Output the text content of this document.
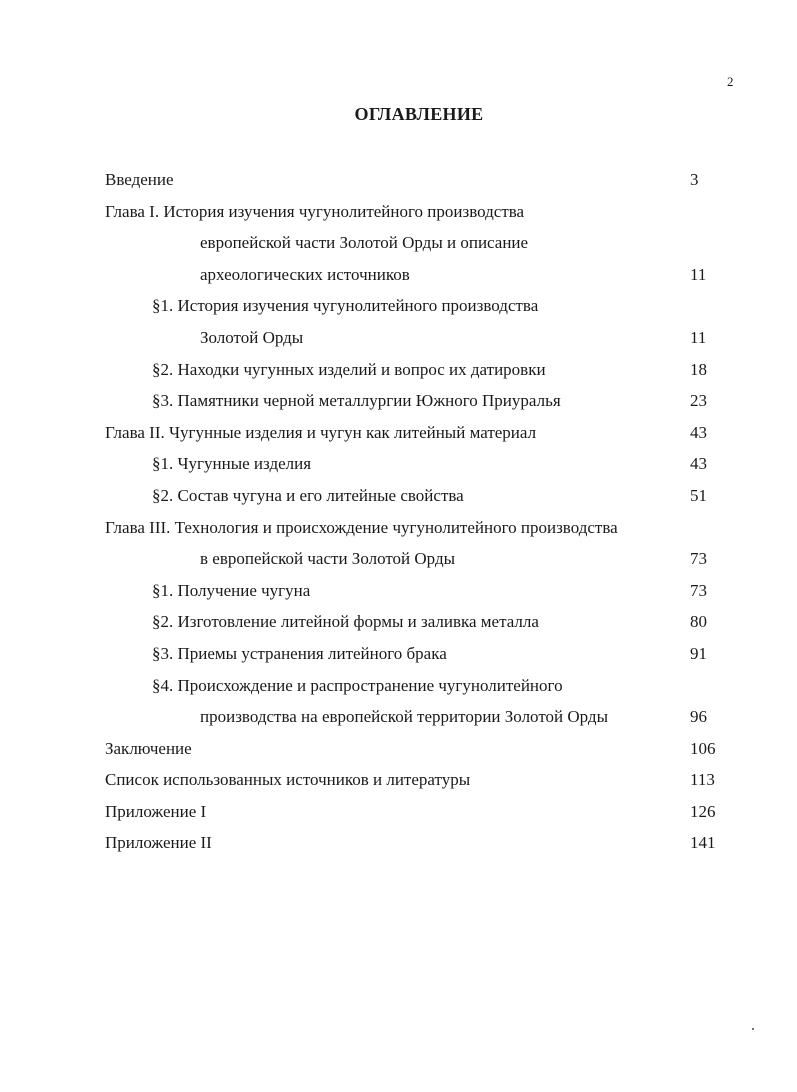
2
ОГЛАВЛЕНИЕ
Введение	3
Глава I. История изучения чугунолитейного производства
европейской части Золотой Орды и описание
археологических источников	11
§1. История изучения чугунолитейного производства
Золотой Орды	11
§2. Находки чугунных изделий и вопрос их датировки	18
§3. Памятники черной металлургии Южного Приуралья	23
Глава II. Чугунные изделия и чугун как литейный материал	43
§1. Чугунные изделия	43
§2. Состав чугуна и его литейные свойства	51
Глава III. Технология и происхождение чугунолитейного производства
в европейской части Золотой Орды	73
§1. Получение чугуна	73
§2. Изготовление литейной формы и заливка металла	80
§3. Приемы устранения литейного брака	91
§4. Происхождение и распространение чугунолитейного
производства на европейской территории Золотой Орды	96
Заключение	106
Список использованных источников и литературы	113
Приложение I	126
Приложение II	141
